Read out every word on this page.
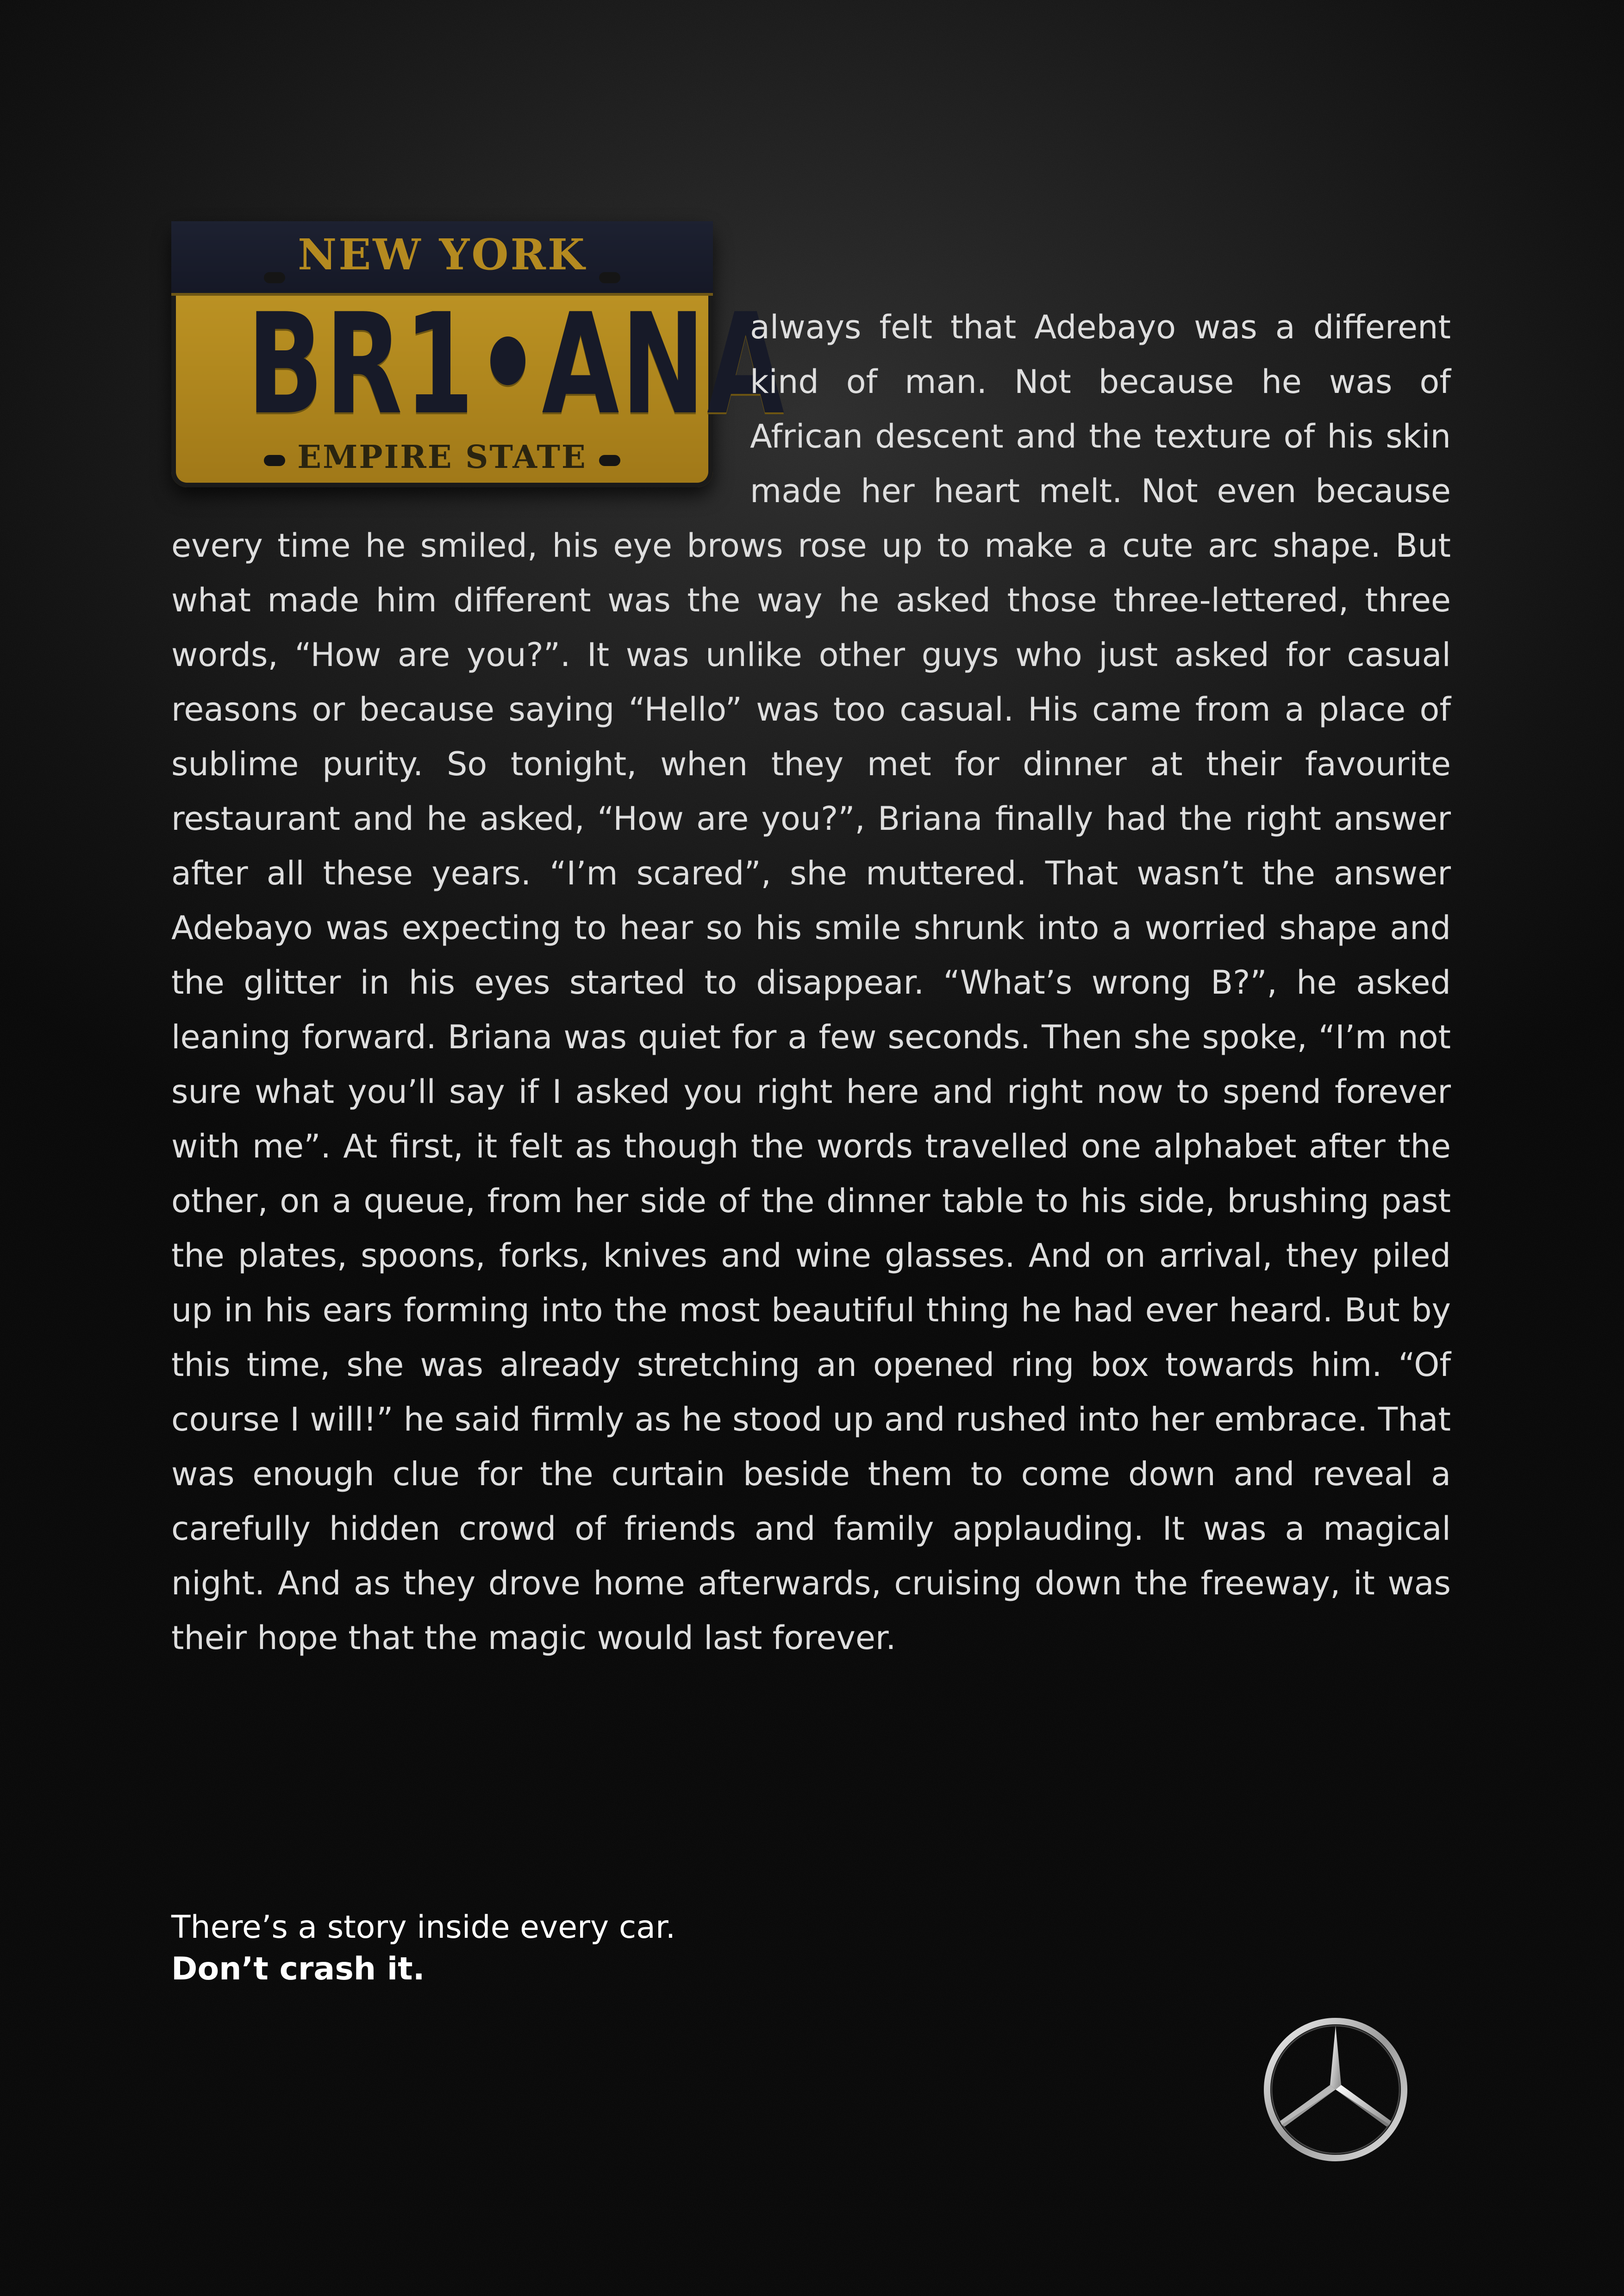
NEW YORK
BR1•ANA
EMPIRE STATE

always felt that Adebayo was a different kind of man. Not because he was of African descent and the texture of his skin made her heart melt. Not even because every time he smiled, his eye brows rose up to make a cute arc shape. But what made him different was the way he asked those three-lettered, three words, “How are you?”. It was unlike other guys who just asked for casual reasons or because saying “Hello” was too casual. His came from a place of sublime purity. So tonight, when they met for dinner at their favourite restaurant and he asked, “How are you?”, Briana finally had the right answer after all these years. “I’m scared”, she muttered. That wasn’t the answer Adebayo was expecting to hear so his smile shrunk into a worried shape and the glitter in his eyes started to disappear. “What’s wrong B?”, he asked leaning forward. Briana was quiet for a few seconds. Then she spoke, “I’m not sure what you’ll say if I asked you right here and right now to spend forever with me”. At first, it felt as though the words travelled one alphabet after the other, on a queue, from her side of the dinner table to his side, brushing past the plates, spoons, forks, knives and wine glasses. And on arrival, they piled up in his ears forming into the most beautiful thing he had ever heard. But by this time, she was already stretching an opened ring box towards him. “Of course I will!” he said firmly as he stood up and rushed into her embrace. That was enough clue for the curtain beside them to come down and reveal a carefully hidden crowd of friends and family applauding. It was a magical night. And as they drove home afterwards, cruising down the freeway, it was their hope that the magic would last forever.

There’s a story inside every car.
Don’t crash it.
